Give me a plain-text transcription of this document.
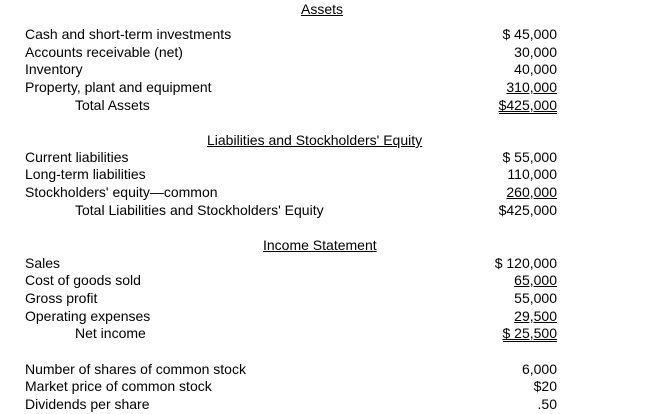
Assets
Cash and short-term investments	$ 45,000
Accounts receivable (net)	30,000
Inventory	40,000
Property, plant and equipment	310,000
Total Assets	$425,000
Liabilities and Stockholders' Equity
Current liabilities	$ 55,000
Long-term liabilities	110,000
Stockholders' equity—common	260,000
Total Liabilities and Stockholders' Equity	$425,000
Income Statement
Sales	$ 120,000
Cost of goods sold	65,000
Gross profit	55,000
Operating expenses	29,500
Net income	$ 25,500
Number of shares of common stock	6,000
Market price of common stock	$20
Dividends per share	.50
